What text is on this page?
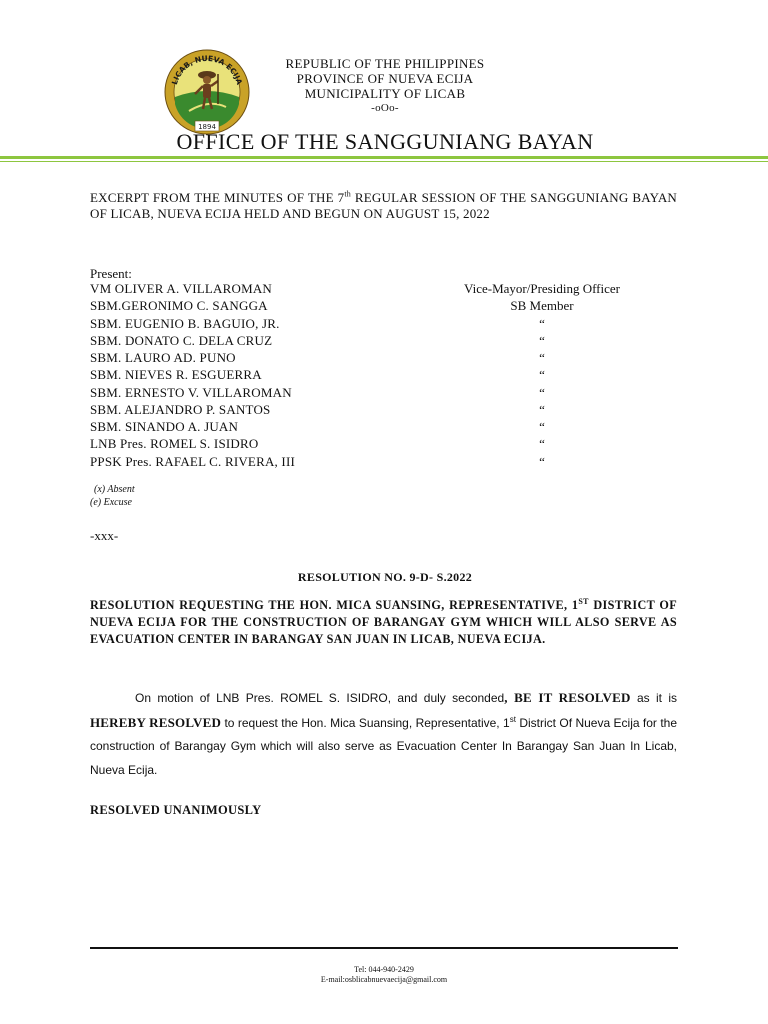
LICAB, NUEVA ECIJA
1894
REPUBLIC OF THE PHILIPPINES
PROVINCE OF NUEVA ECIJA
MUNICIPALITY OF LICAB
-oOo-
OFFICE OF THE SANGGUNIANG BAYAN
EXCERPT FROM THE MINUTES OF THE 7th REGULAR SESSION OF THE SANGGUNIANG BAYAN OF LICAB, NUEVA ECIJA HELD AND BEGUN ON AUGUST 15, 2022
Present:
VM OLIVER A. VILLAROMAN	Vice-Mayor/Presiding Officer
SBM.GERONIMO C. SANGGA	SB Member
SBM. EUGENIO B. BAGUIO, JR.	“
SBM. DONATO C. DELA CRUZ	“
SBM. LAURO AD. PUNO	“
SBM. NIEVES R. ESGUERRA	“
SBM. ERNESTO V. VILLAROMAN	“
SBM. ALEJANDRO P. SANTOS	“
SBM. SINANDO A. JUAN	“
LNB Pres. ROMEL S. ISIDRO	“
PPSK Pres. RAFAEL C. RIVERA, III	“
(x) Absent
(e) Excuse
-xxx-
RESOLUTION NO. 9-D- S.2022
RESOLUTION REQUESTING THE HON. MICA SUANSING, REPRESENTATIVE, 1ST DISTRICT OF NUEVA ECIJA FOR THE CONSTRUCTION OF BARANGAY GYM WHICH WILL ALSO SERVE AS EVACUATION CENTER IN BARANGAY SAN JUAN IN LICAB, NUEVA ECIJA.
On motion of LNB Pres. ROMEL S. ISIDRO, and duly seconded, BE IT RESOLVED as it is HEREBY RESOLVED to request the Hon. Mica Suansing, Representative, 1st District Of Nueva Ecija for the construction of Barangay Gym which will also serve as Evacuation Center In Barangay San Juan In Licab, Nueva Ecija.
RESOLVED UNANIMOUSLY
Tel: 044-940-2429
E-mail:osblicabnuevaecija@gmail.com
